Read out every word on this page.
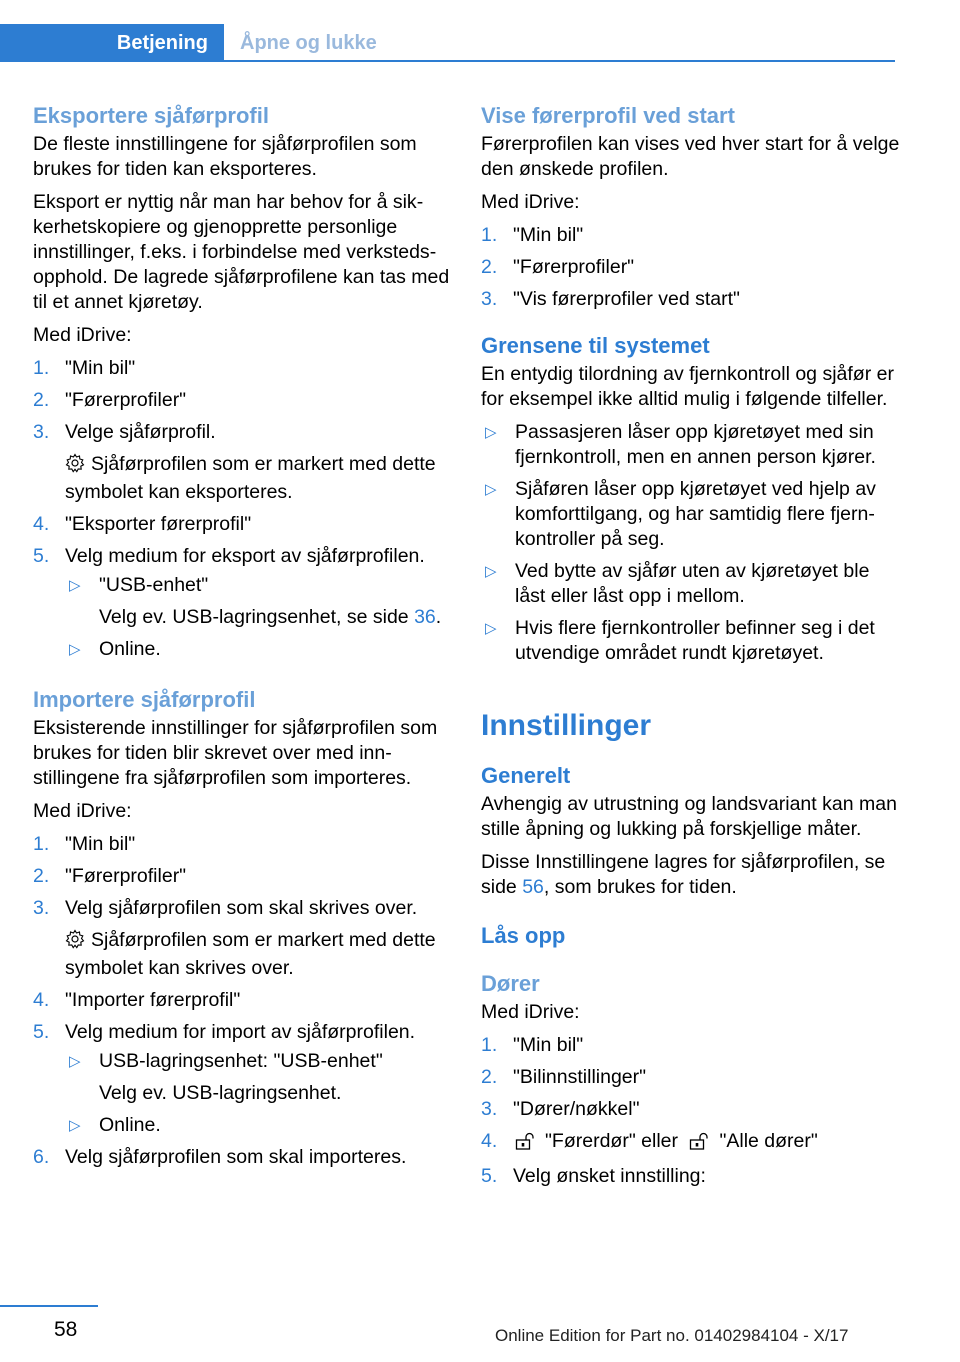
Betjening	Åpne og lukke
Eksportere sjåførprofil

De fleste innstillingene for sjåførprofilen som brukes for tiden kan eksporteres.

Eksport er nyttig når man har behov for å sikkerhetskopiere og gjenopprette personlige innstillinger, f.eks. i forbindelse med verkstedsopphold. De lagrede sjåførprofilene kan tas med til et annet kjøretøy.

Med iDrive:

1. "Min bil"
2. "Førerprofiler"
3. Velge sjåførprofil.
Sjåførprofilen som er markert med dette symbolet kan eksporteres.
4. "Eksporter førerprofil"
5. Velg medium for eksport av sjåførprofilen.
▷ "USB-enhet"
Velg ev. USB-lagringsenhet, se side 36.
▷ Online.
Importere sjåførprofil

Eksisterende innstillinger for sjåførprofilen som brukes for tiden blir skrevet over med innstillingene fra sjåførprofilen som importeres.

Med iDrive:

1. "Min bil"
2. "Førerprofiler"
3. Velg sjåførprofilen som skal skrives over.
Sjåførprofilen som er markert med dette symbolet kan skrives over.
4. "Importer førerprofil"
5. Velg medium for import av sjåførprofilen.
▷ USB-lagringsenhet: "USB-enhet"
Velg ev. USB-lagringsenhet.
▷ Online.
6. Velg sjåførprofilen som skal importeres.
Vise førerprofil ved start

Førerprofilen kan vises ved hver start for å velge den ønskede profilen.

Med iDrive:

1. "Min bil"
2. "Førerprofiler"
3. "Vis førerprofiler ved start"
Grensene til systemet

En entydig tilordning av fjernkontroll og sjåfør er for eksempel ikke alltid mulig i følgende tilfeller.

▷ Passasjeren låser opp kjøretøyet med sin fjernkontroll, men en annen person kjører.
▷ Sjåføren låser opp kjøretøyet ved hjelp av komforttilgang, og har samtidig flere fjernkontroller på seg.
▷ Ved bytte av sjåfør uten av kjøretøyet ble låst eller låst opp i mellom.
▷ Hvis flere fjernkontroller befinner seg i det utvendige området rundt kjøretøyet.
Innstillinger
Generelt

Avhengig av utrustning og landsvariant kan man stille åpning og lukking på forskjellige måter.

Disse Innstillingene lagres for sjåførprofilen, se side 56, som brukes for tiden.

Lås opp
Dører

Med iDrive:

1. "Min bil"
2. "Bilinnstillinger"
3. "Dører/nøkkel"
4. "Førerdør" eller "Alle dører"
5. Velg ønsket innstilling:
58	Online Edition for Part no. 01402984104 - X/17
